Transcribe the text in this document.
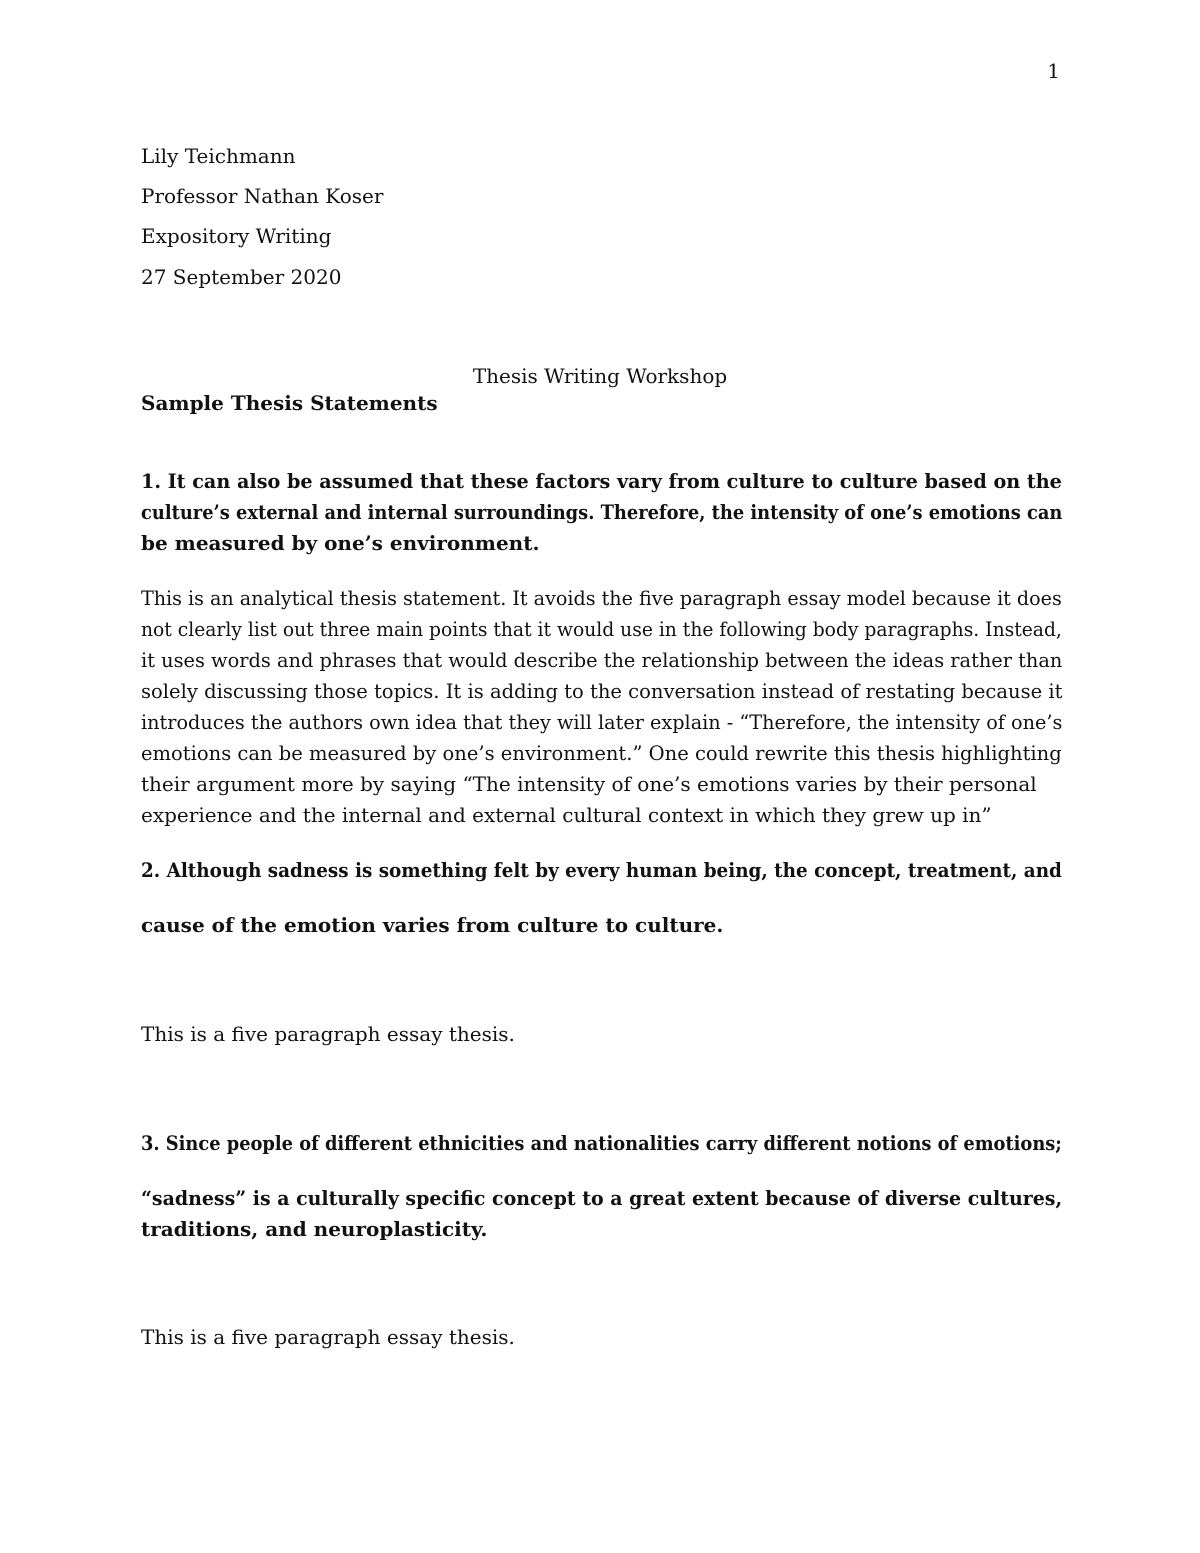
1
Lily Teichmann
Professor Nathan Koser
Expository Writing
27 September 2020
Thesis Writing Workshop
Sample Thesis Statements
1. It can also be assumed that these factors vary from culture to culture based on the
culture’s external and internal surroundings. Therefore, the intensity of one’s emotions can
be measured by one’s environment.
This is an analytical thesis statement. It avoids the five paragraph essay model because it does
not clearly list out three main points that it would use in the following body paragraphs. Instead,
it uses words and phrases that would describe the relationship between the ideas rather than
solely discussing those topics. It is adding to the conversation instead of restating because it
introduces the authors own idea that they will later explain - “Therefore, the intensity of one’s
emotions can be measured by one’s environment.” One could rewrite this thesis highlighting
their argument more by saying “The intensity of one’s emotions varies by their personal
experience and the internal and external cultural context in which they grew up in”
2. Although sadness is something felt by every human being, the concept, treatment, and
cause of the emotion varies from culture to culture.
This is a five paragraph essay thesis.
3. Since people of different ethnicities and nationalities carry different notions of emotions;
“sadness” is a culturally specific concept to a great extent because of diverse cultures,
traditions, and neuroplasticity.
This is a five paragraph essay thesis.
